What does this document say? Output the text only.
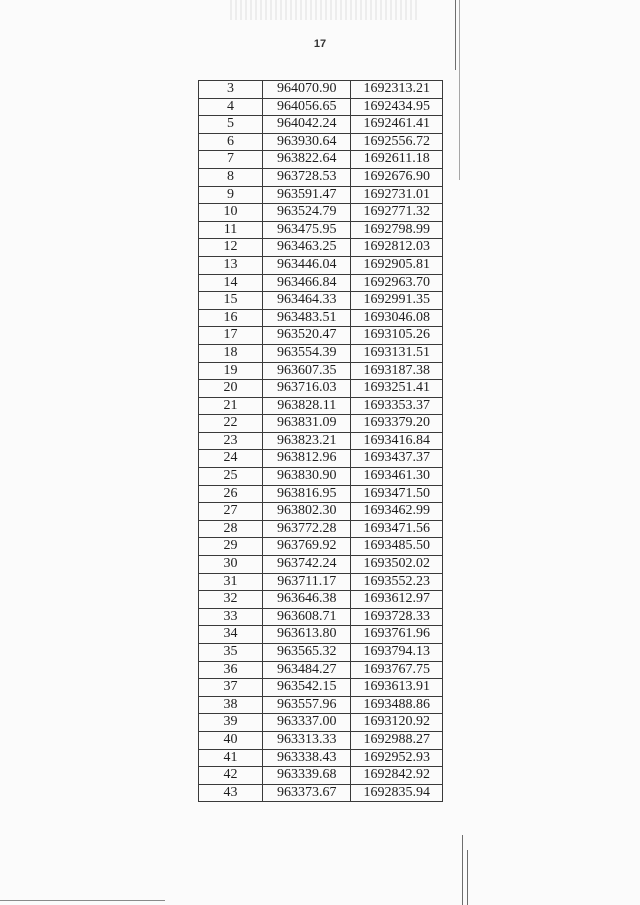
17
3	964070.90	1692313.21
4	964056.65	1692434.95
5	964042.24	1692461.41
6	963930.64	1692556.72
7	963822.64	1692611.18
8	963728.53	1692676.90
9	963591.47	1692731.01
10	963524.79	1692771.32
11	963475.95	1692798.99
12	963463.25	1692812.03
13	963446.04	1692905.81
14	963466.84	1692963.70
15	963464.33	1692991.35
16	963483.51	1693046.08
17	963520.47	1693105.26
18	963554.39	1693131.51
19	963607.35	1693187.38
20	963716.03	1693251.41
21	963828.11	1693353.37
22	963831.09	1693379.20
23	963823.21	1693416.84
24	963812.96	1693437.37
25	963830.90	1693461.30
26	963816.95	1693471.50
27	963802.30	1693462.99
28	963772.28	1693471.56
29	963769.92	1693485.50
30	963742.24	1693502.02
31	963711.17	1693552.23
32	963646.38	1693612.97
33	963608.71	1693728.33
34	963613.80	1693761.96
35	963565.32	1693794.13
36	963484.27	1693767.75
37	963542.15	1693613.91
38	963557.96	1693488.86
39	963337.00	1693120.92
40	963313.33	1692988.27
41	963338.43	1692952.93
42	963339.68	1692842.92
43	963373.67	1692835.94
